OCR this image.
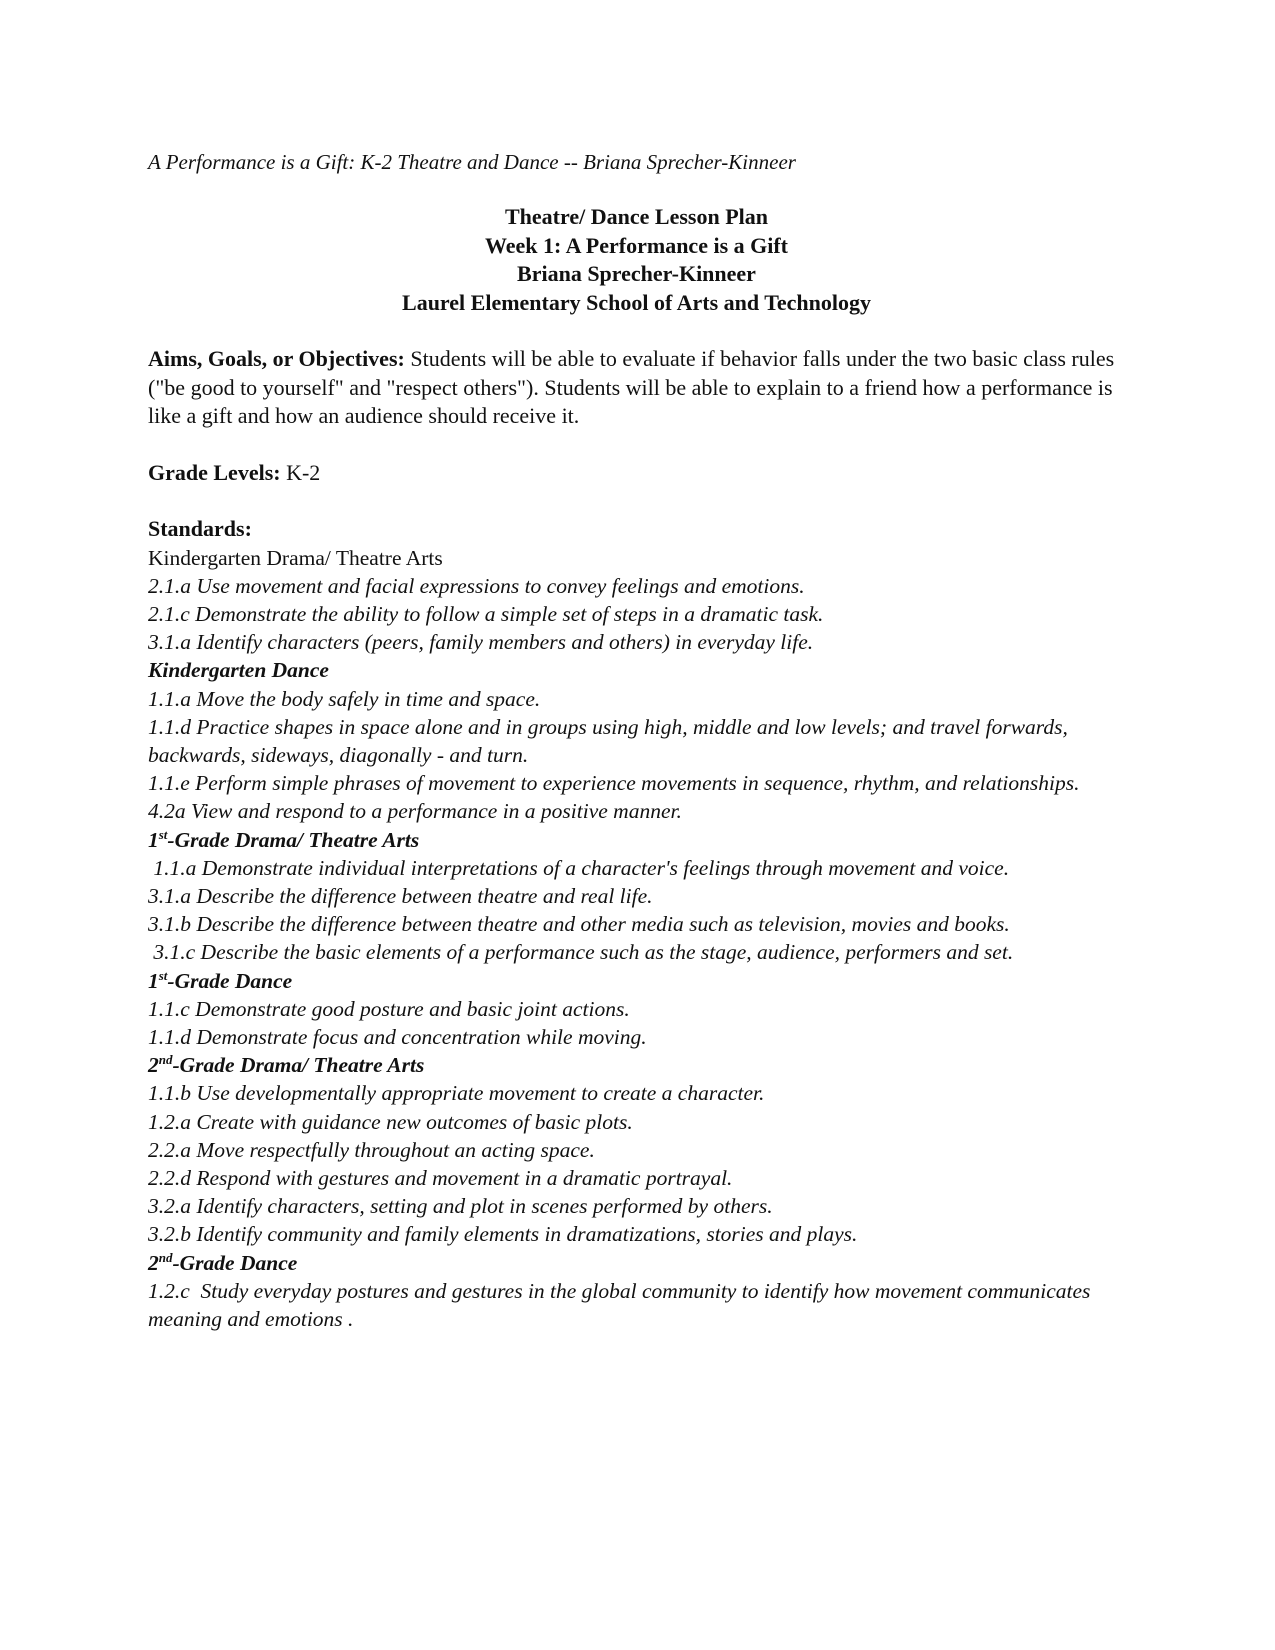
A Performance is a Gift: K-2 Theatre and Dance -- Briana Sprecher-Kinneer
Theatre/ Dance Lesson Plan
Week 1: A Performance is a Gift
Briana Sprecher-Kinneer
Laurel Elementary School of Arts and Technology

Aims, Goals, or Objectives: Students will be able to evaluate if behavior falls under the two basic class rules ("be good to yourself" and "respect others"). Students will be able to explain to a friend how a performance is like a gift and how an audience should receive it.

Grade Levels: K-2

Standards:

Kindergarten Drama/ Theatre Arts
2.1.a Use movement and facial expressions to convey feelings and emotions.
2.1.c Demonstrate the ability to follow a simple set of steps in a dramatic task.
3.1.a Identify characters (peers, family members and others) in everyday life.
Kindergarten Dance
1.1.a Move the body safely in time and space.
1.1.d Practice shapes in space alone and in groups using high, middle and low levels; and travel forwards, backwards, sideways, diagonally - and turn.
1.1.e Perform simple phrases of movement to experience movements in sequence, rhythm, and relationships.
4.2a View and respond to a performance in a positive manner.
1st-Grade Drama/ Theatre Arts
1.1.a Demonstrate individual interpretations of a character's feelings through movement and voice.
3.1.a Describe the difference between theatre and real life.
3.1.b Describe the difference between theatre and other media such as television, movies and books.
3.1.c Describe the basic elements of a performance such as the stage, audience, performers and set.
1st-Grade Dance
1.1.c Demonstrate good posture and basic joint actions.
1.1.d Demonstrate focus and concentration while moving.
2nd-Grade Drama/ Theatre Arts
1.1.b Use developmentally appropriate movement to create a character.
1.2.a Create with guidance new outcomes of basic plots.
2.2.a Move respectfully throughout an acting space.
2.2.d Respond with gestures and movement in a dramatic portrayal.
3.2.a Identify characters, setting and plot in scenes performed by others.
3.2.b Identify community and family elements in dramatizations, stories and plays.
2nd-Grade Dance
1.2.c  Study everyday postures and gestures in the global community to identify how movement communicates meaning and emotions .
